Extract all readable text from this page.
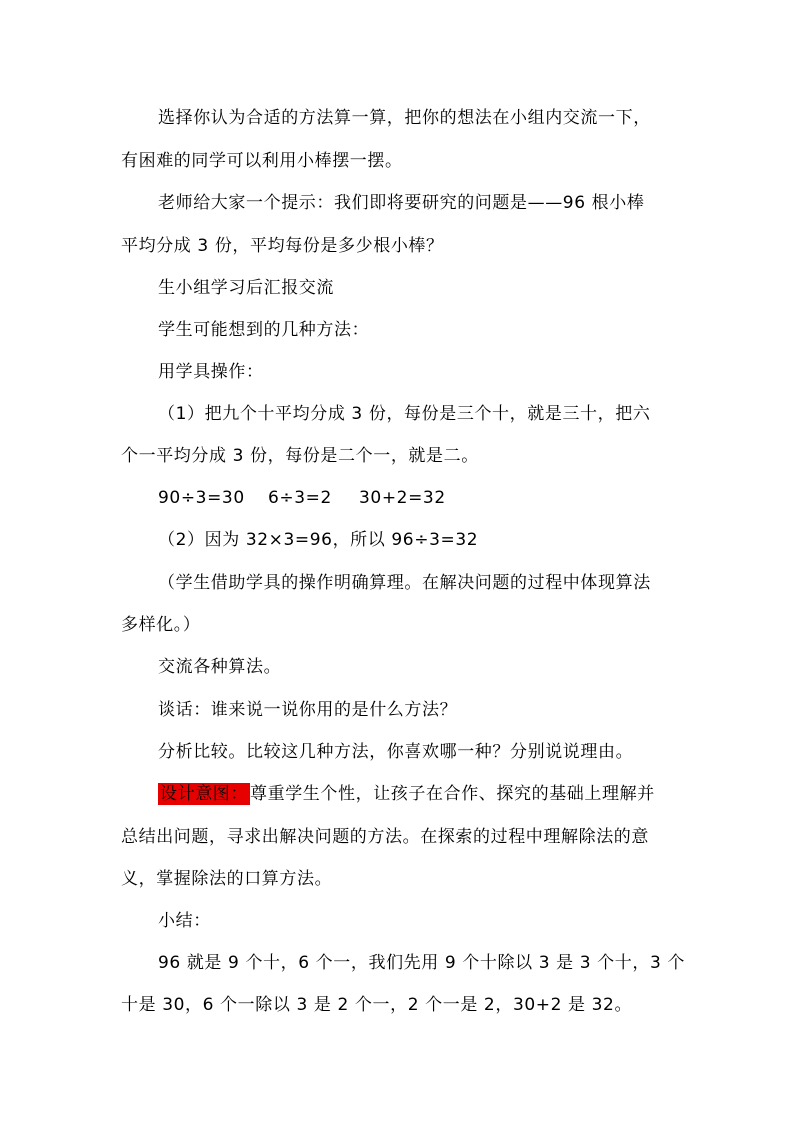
选择你认为合适的方法算一算，把你的想法在小组内交流一下，
有困难的同学可以利用小棒摆一摆。
老师给大家一个提示：我们即将要研究的问题是——96 根小棒
平均分成 3 份，平均每份是多少根小棒？
生小组学习后汇报交流
学生可能想到的几种方法：
用学具操作：
（1）把九个十平均分成 3 份，每份是三个十，就是三十，把六
个一平均分成 3 份，每份是二个一，就是二。
90÷3=30 6÷3=2 30+2=32
（2）因为 32×3=96，所以 96÷3=32
（学生借助学具的操作明确算理。在解决问题的过程中体现算法
多样化。）
交流各种算法。
谈话：谁来说一说你用的是什么方法？
分析比较。比较这几种方法，你喜欢哪一种？分别说说理由。
设计意图： 尊重学生个性，让孩子在合作、探究的基础上理解并
总结出问题，寻求出解决问题的方法。在探索的过程中理解除法的意
义，掌握除法的口算方法。
小结：
96 就是 9 个十，6 个一，我们先用 9 个十除以 3 是 3 个十，3 个
十是 30，6 个一除以 3 是 2 个一，2 个一是 2，30+2 是 32。
